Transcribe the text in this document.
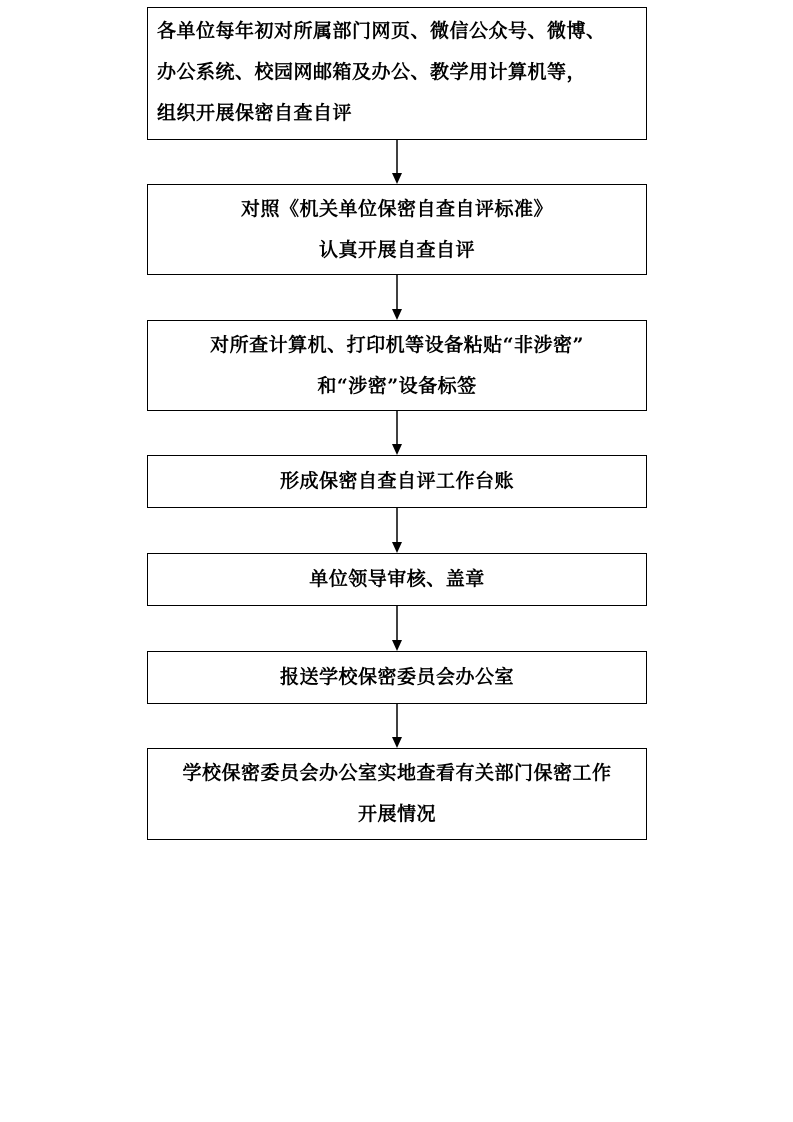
各单位每年初对所属部门网页、微信公众号、微博、
办公系统、校园网邮箱及办公、教学用计算机等，
组织开展保密自查自评
对照《机关单位保密自查自评标准》
认真开展自查自评
对所查计算机、打印机等设备粘贴“非涉密”
和“涉密”设备标签
形成保密自查自评工作台账
单位领导审核、盖章
报送学校保密委员会办公室
学校保密委员会办公室实地查看有关部门保密工作
开展情况
